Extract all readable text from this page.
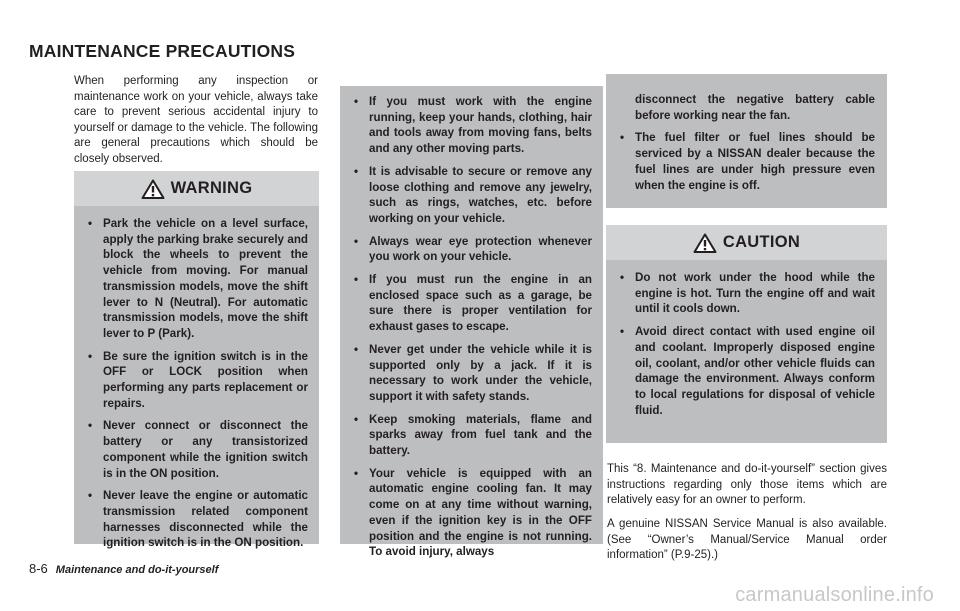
MAINTENANCE PRECAUTIONS

When performing any inspection or maintenance work on your vehicle, always take care to prevent serious accidental injury to yourself or damage to the vehicle. The following are general precautions which should be closely observed.

WARNING
• Park the vehicle on a level surface, apply the parking brake securely and block the wheels to prevent the vehicle from moving. For manual transmission models, move the shift lever to N (Neutral). For automatic transmission models, move the shift lever to P (Park).
• Be sure the ignition switch is in the OFF or LOCK position when performing any parts replacement or repairs.
• Never connect or disconnect the battery or any transistorized component while the ignition switch is in the ON position.
• Never leave the engine or automatic transmission related component harnesses disconnected while the ignition switch is in the ON position.
• If you must work with the engine running, keep your hands, clothing, hair and tools away from moving fans, belts and any other moving parts.
• It is advisable to secure or remove any loose clothing and remove any jewelry, such as rings, watches, etc. before working on your vehicle.
• Always wear eye protection whenever you work on your vehicle.
• If you must run the engine in an enclosed space such as a garage, be sure there is proper ventilation for exhaust gases to escape.
• Never get under the vehicle while it is supported only by a jack. If it is necessary to work under the vehicle, support it with safety stands.
• Keep smoking materials, flame and sparks away from fuel tank and the battery.
• Your vehicle is equipped with an automatic engine cooling fan. It may come on at any time without warning, even if the ignition key is in the OFF position and the engine is not running. To avoid injury, always
disconnect the negative battery cable before working near the fan.
• The fuel filter or fuel lines should be serviced by a NISSAN dealer because the fuel lines are under high pressure even when the engine is off.
CAUTION
• Do not work under the hood while the engine is hot. Turn the engine off and wait until it cools down.
• Avoid direct contact with used engine oil and coolant. Improperly disposed engine oil, coolant, and/or other vehicle fluids can damage the environment. Always conform to local regulations for disposal of vehicle fluid.

This “8. Maintenance and do-it-yourself” section gives instructions regarding only those items which are relatively easy for an owner to perform.

A genuine NISSAN Service Manual is also available. (See “Owner’s Manual/Service Manual order information” (P.9-25).)

8-6 Maintenance and do-it-yourself
carmanualsonline.info
